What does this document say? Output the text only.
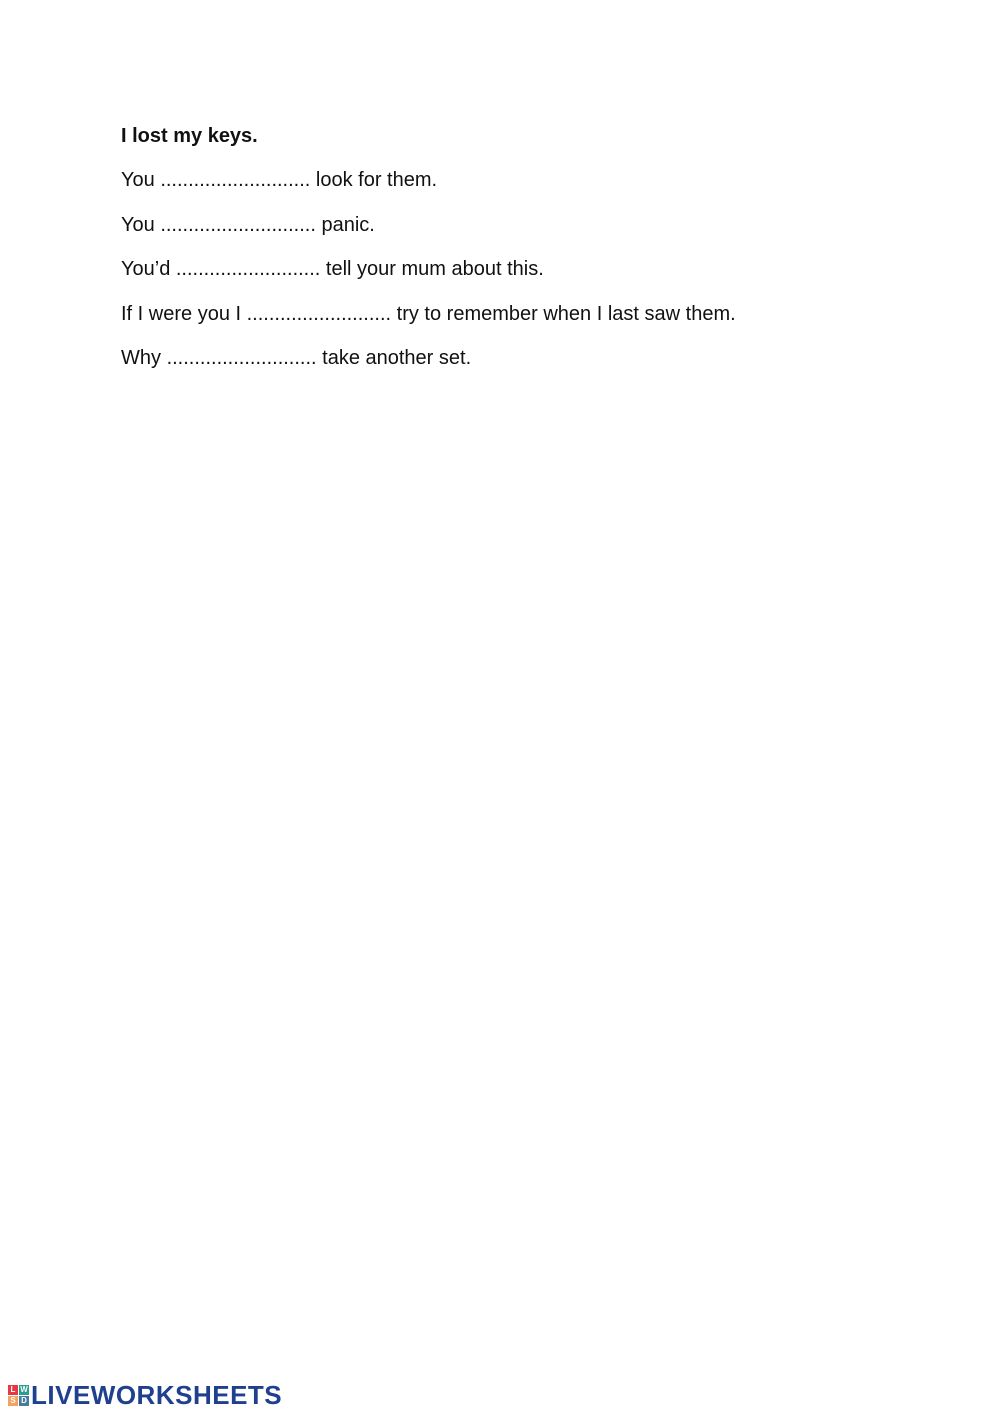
I lost my keys.
You ........................... look for them.
You ............................ panic.
You’d .......................... tell your mum about this.
If I were you I .......................... try to remember when I last saw them.
Why ........................... take another set.
L W
S D LIVEWORKSHEETS
